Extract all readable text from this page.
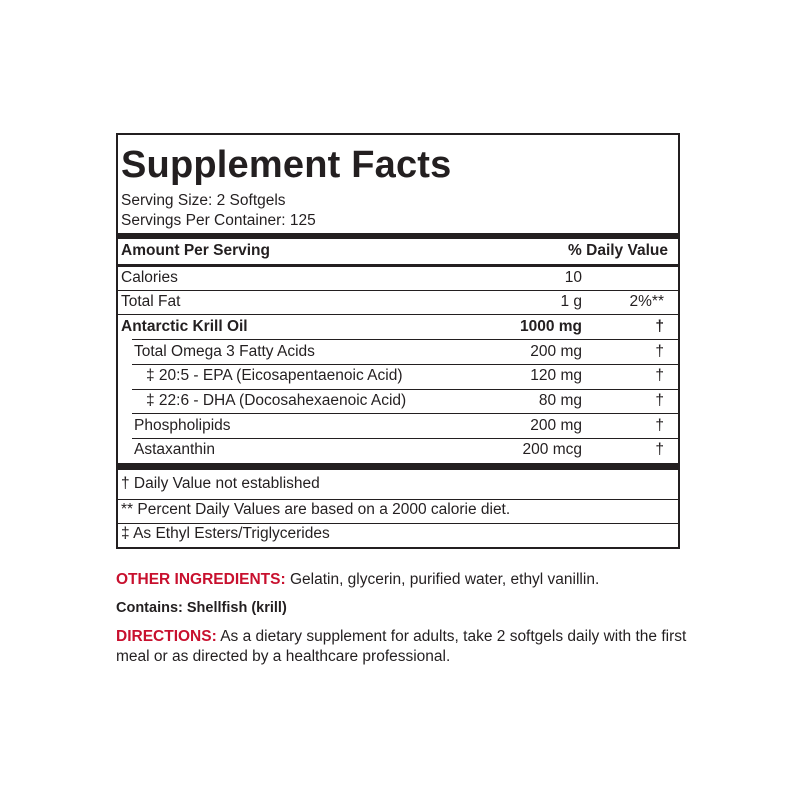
Supplement Facts
Serving Size: 2 Softgels
Servings Per Container: 125
Amount Per Serving	% Daily Value
Calories	10
Total Fat	1 g	2%**
Antarctic Krill Oil	1000 mg	†
Total Omega 3 Fatty Acids	200 mg	†
‡ 20:5 - EPA (Eicosapentaenoic Acid)	120 mg	†
‡ 22:6 - DHA (Docosahexaenoic Acid)	80 mg	†
Phospholipids	200 mg	†
Astaxanthin	200 mcg	†
† Daily Value not established
** Percent Daily Values are based on a 2000 calorie diet.
‡ As Ethyl Esters/Triglycerides
OTHER INGREDIENTS: Gelatin, glycerin, purified water, ethyl vanillin.
Contains: Shellfish (krill)
DIRECTIONS: As a dietary supplement for adults, take 2 softgels daily with the first meal or as directed by a healthcare professional.
